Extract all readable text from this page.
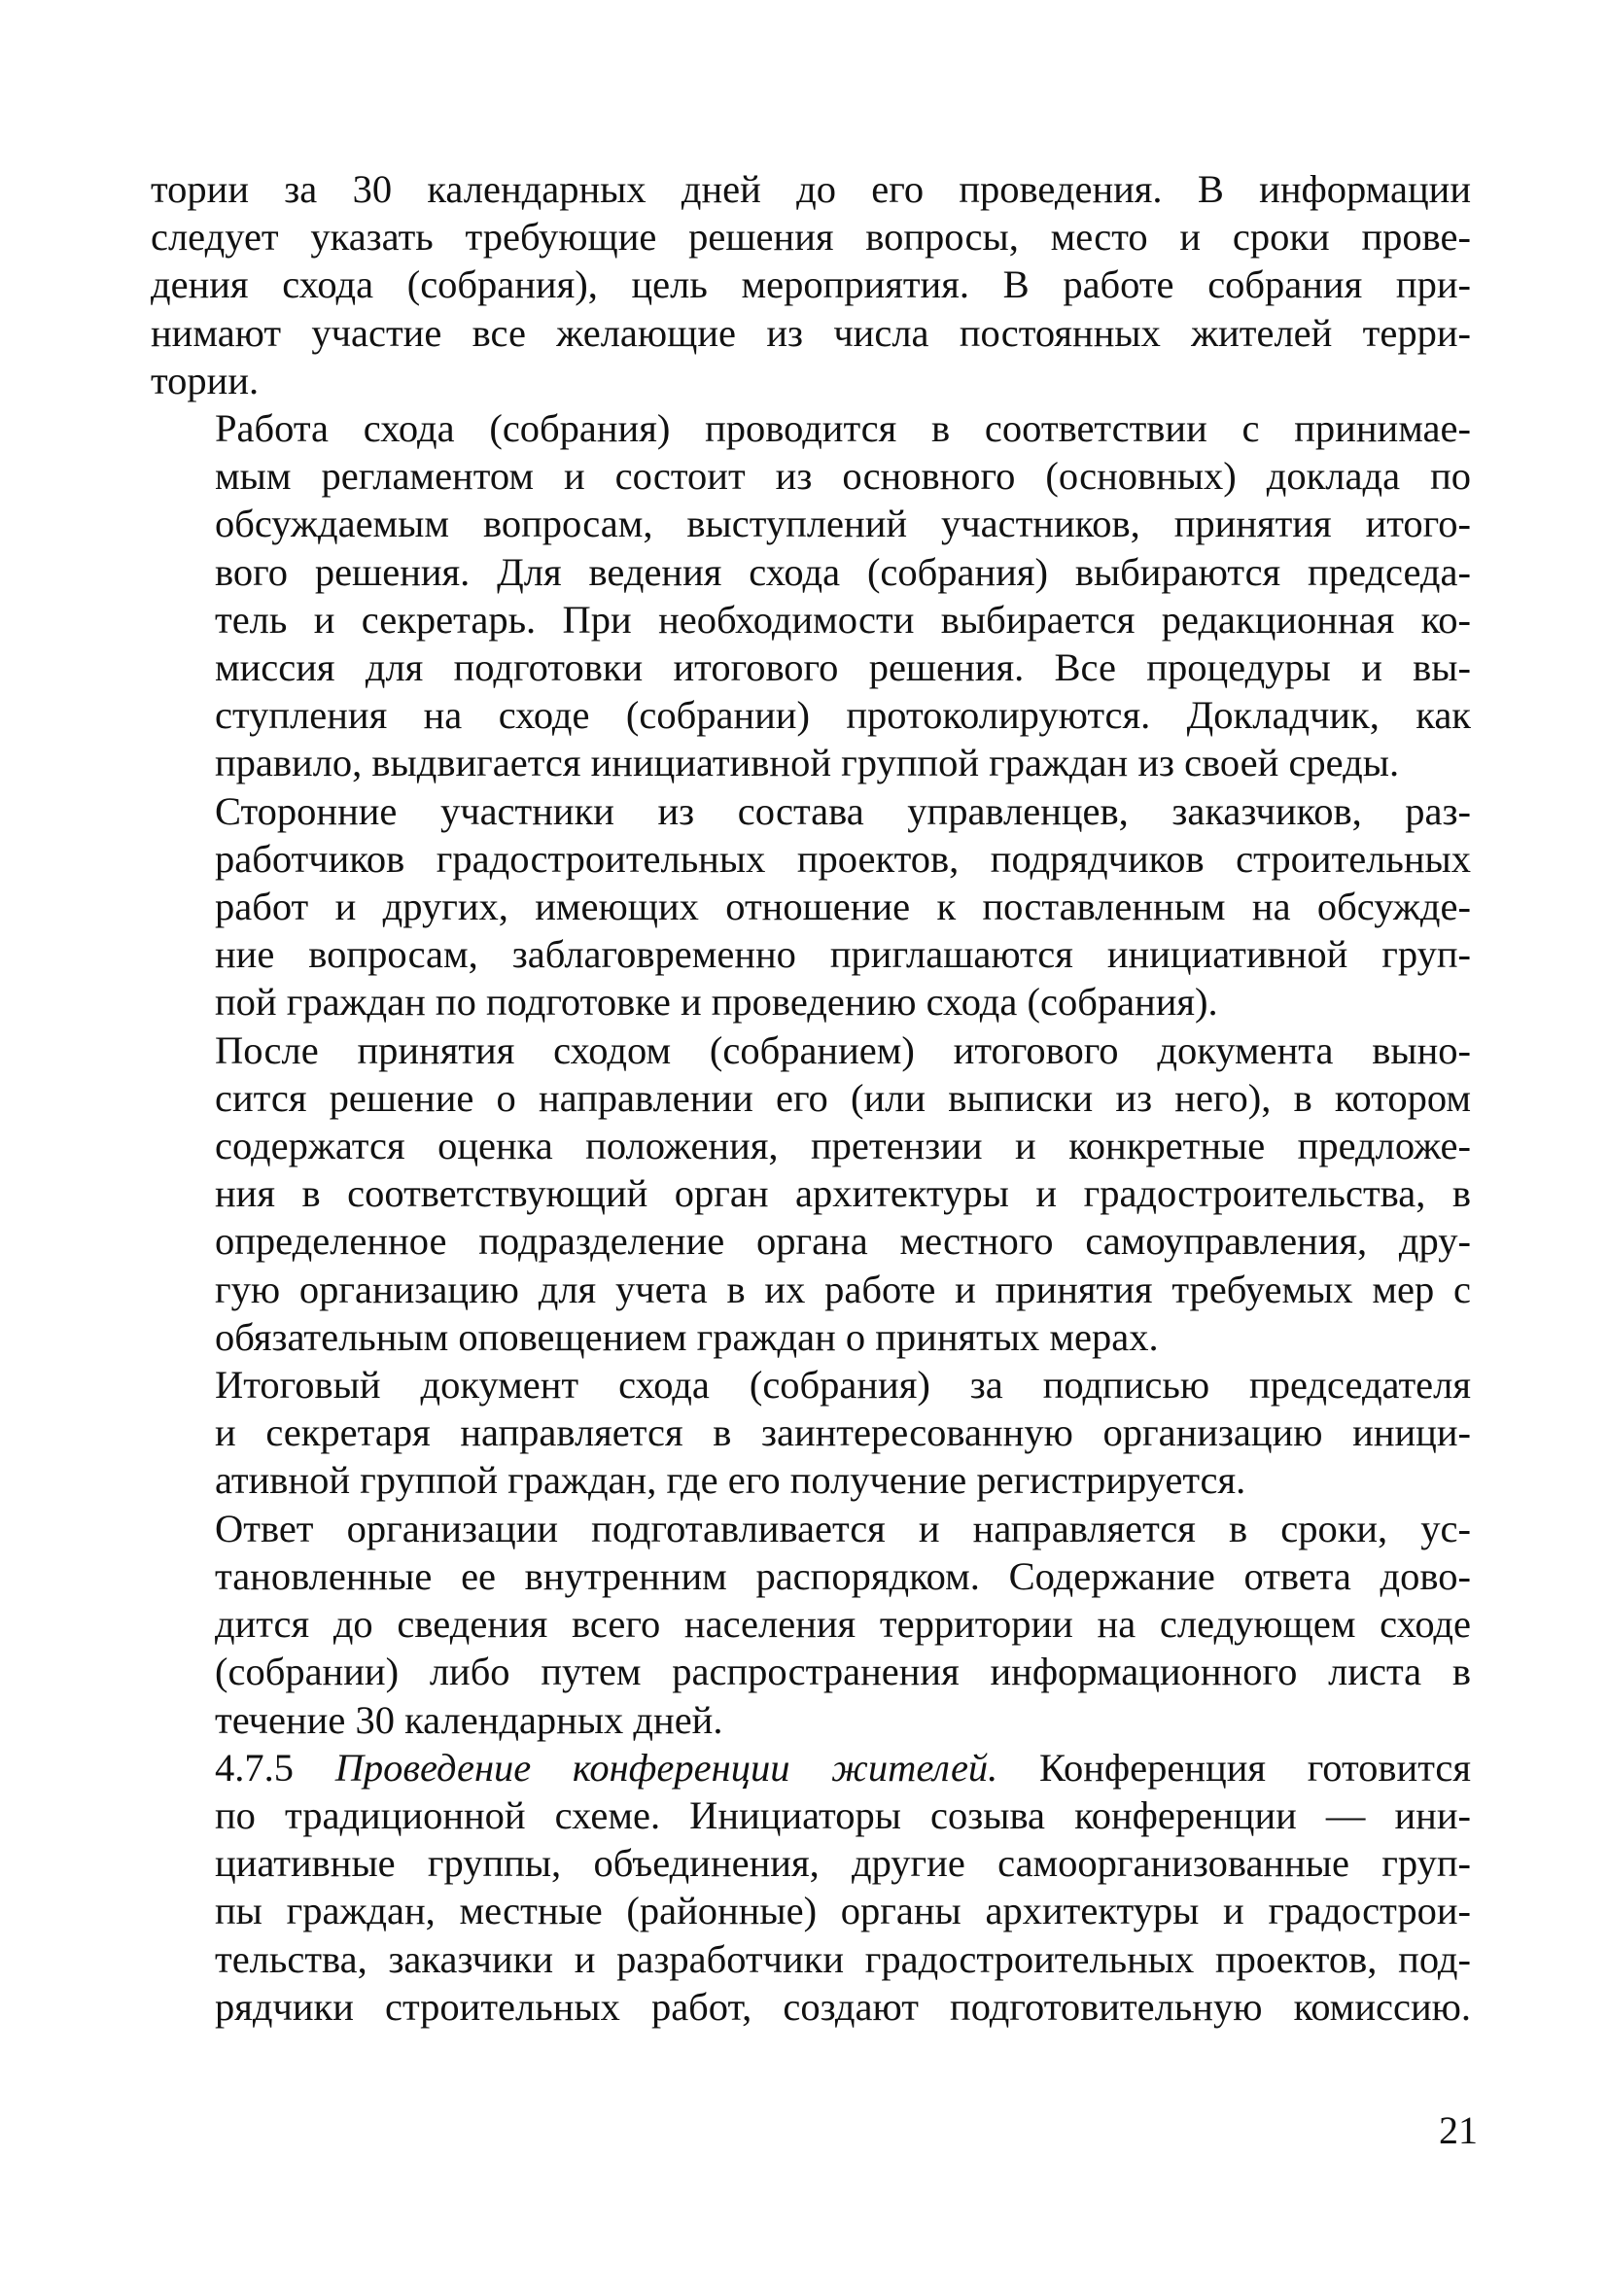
тории за 30 календарных дней до его проведения. В информации
следует указать требующие решения вопросы, место и сроки прове-
дения схода (собрания), цель мероприятия. В работе собрания при-
нимают участие все желающие из числа постоянных жителей терри-
тории.

Работа схода (собрания) проводится в соответствии с принимае-
мым регламентом и состоит из основного (основных) доклада по
обсуждаемым вопросам, выступлений участников, принятия итого-
вого решения. Для ведения схода (собрания) выбираются председа-
тель и секретарь. При необходимости выбирается редакционная ко-
миссия для подготовки итогового решения. Все процедуры и вы-
ступления на сходе (собрании) протоколируются. Докладчик, как
правило, выдвигается инициативной группой граждан из своей среды.

Сторонние участники из состава управленцев, заказчиков, раз-
работчиков градостроительных проектов, подрядчиков строительных
работ и других, имеющих отношение к поставленным на обсужде-
ние вопросам, заблаговременно приглашаются инициативной груп-
пой граждан по подготовке и проведению схода (собрания).

После принятия сходом (собранием) итогового документа выно-
сится решение о направлении его (или выписки из него), в котором
содержатся оценка положения, претензии и конкретные предложе-
ния в соответствующий орган архитектуры и градостроительства, в
определенное подразделение органа местного самоуправления, дру-
гую организацию для учета в их работе и принятия требуемых мер с
обязательным оповещением граждан о принятых мерах.

Итоговый документ схода (собрания) за подписью председателя
и секретаря направляется в заинтересованную организацию иници-
ативной группой граждан, где его получение регистрируется.

Ответ организации подготавливается и направляется в сроки, ус-
тановленные ее внутренним распорядком. Содержание ответа дово-
дится до сведения всего населения территории на следующем сходе
(собрании) либо путем распространения информационного листа в
течение 30 календарных дней.

4.7.5 Проведение конференции жителей. Конференция готовится
по традиционной схеме. Инициаторы созыва конференции — ини-
циативные группы, объединения, другие самоорганизованные груп-
пы граждан, местные (районные) органы архитектуры и градострои-
тельства, заказчики и разработчики градостроительных проектов, под-
рядчики строительных работ, создают подготовительную комиссию.

21
